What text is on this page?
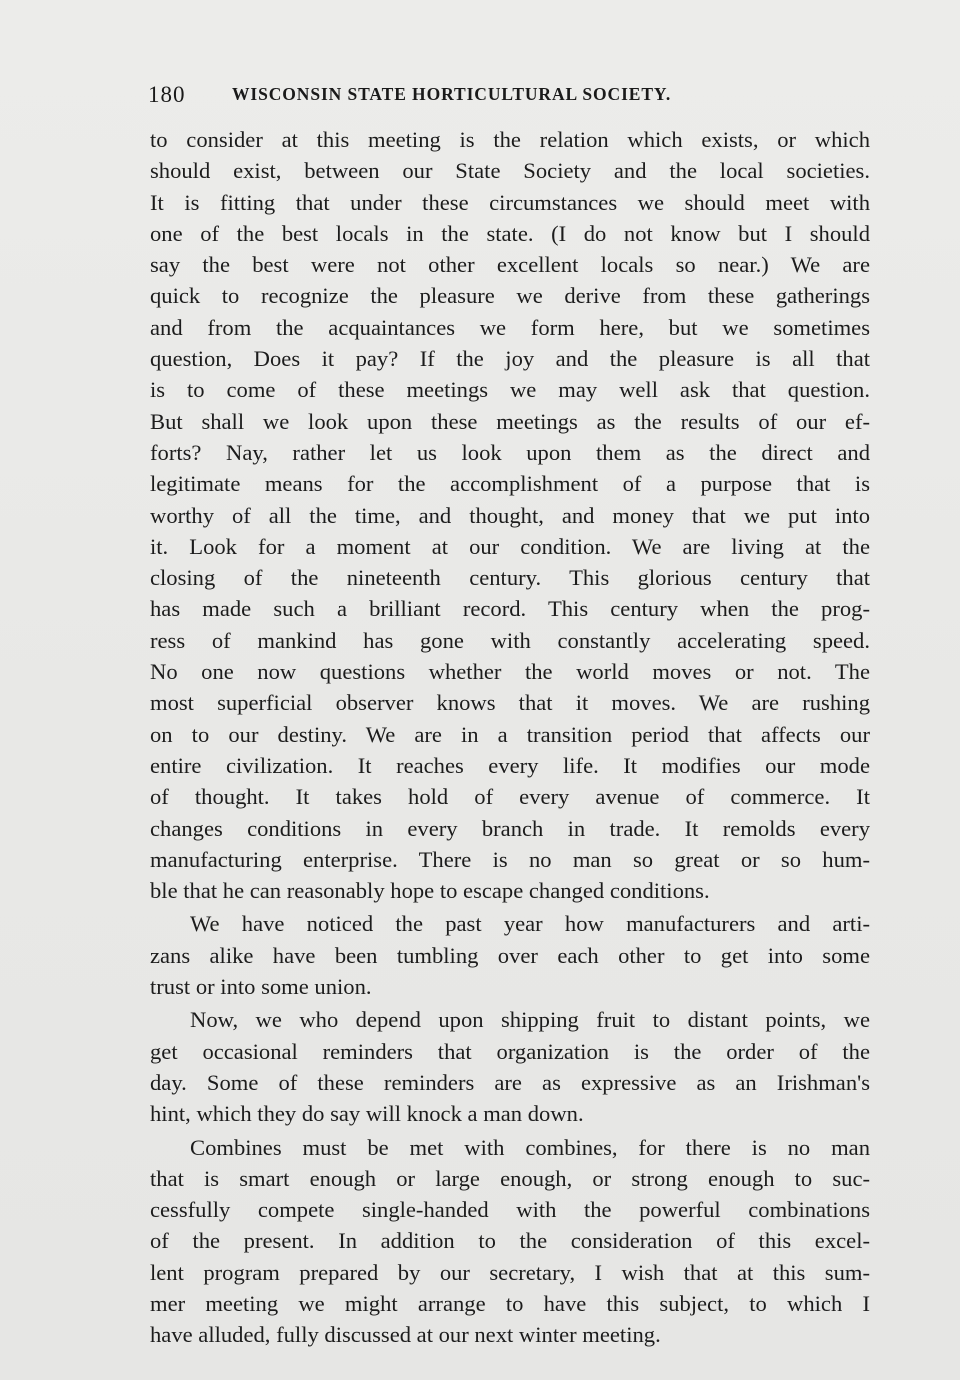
180	WISCONSIN STATE HORTICULTURAL SOCIETY.
to consider at this meeting is the relation which exists, or which
should exist, between our State Society and the local societies.
It is fitting that under these circumstances we should meet with
one of the best locals in the state. (I do not know but I should
say the best were not other excellent locals so near.) We are
quick to recognize the pleasure we derive from these gatherings
and from the acquaintances we form here, but we sometimes
question, Does it pay? If the joy and the pleasure is all that
is to come of these meetings we may well ask that question.
But shall we look upon these meetings as the results of our ef-
forts? Nay, rather let us look upon them as the direct and
legitimate means for the accomplishment of a purpose that is
worthy of all the time, and thought, and money that we put into
it. Look for a moment at our condition. We are living at the
closing of the nineteenth century. This glorious century that
has made such a brilliant record. This century when the prog-
ress of mankind has gone with constantly accelerating speed.
No one now questions whether the world moves or not. The
most superficial observer knows that it moves. We are rushing
on to our destiny. We are in a transition period that affects our
entire civilization. It reaches every life. It modifies our mode
of thought. It takes hold of every avenue of commerce. It
changes conditions in every branch in trade. It remolds every
manufacturing enterprise. There is no man so great or so hum-
ble that he can reasonably hope to escape changed conditions.
We have noticed the past year how manufacturers and arti-
zans alike have been tumbling over each other to get into some
trust or into some union.
Now, we who depend upon shipping fruit to distant points, we
get occasional reminders that organization is the order of the
day. Some of these reminders are as expressive as an Irishman's
hint, which they do say will knock a man down.
Combines must be met with combines, for there is no man
that is smart enough or large enough, or strong enough to suc-
cessfully compete single-handed with the powerful combinations
of the present. In addition to the consideration of this excel-
lent program prepared by our secretary, I wish that at this sum-
mer meeting we might arrange to have this subject, to which I
have alluded, fully discussed at our next winter meeting.
